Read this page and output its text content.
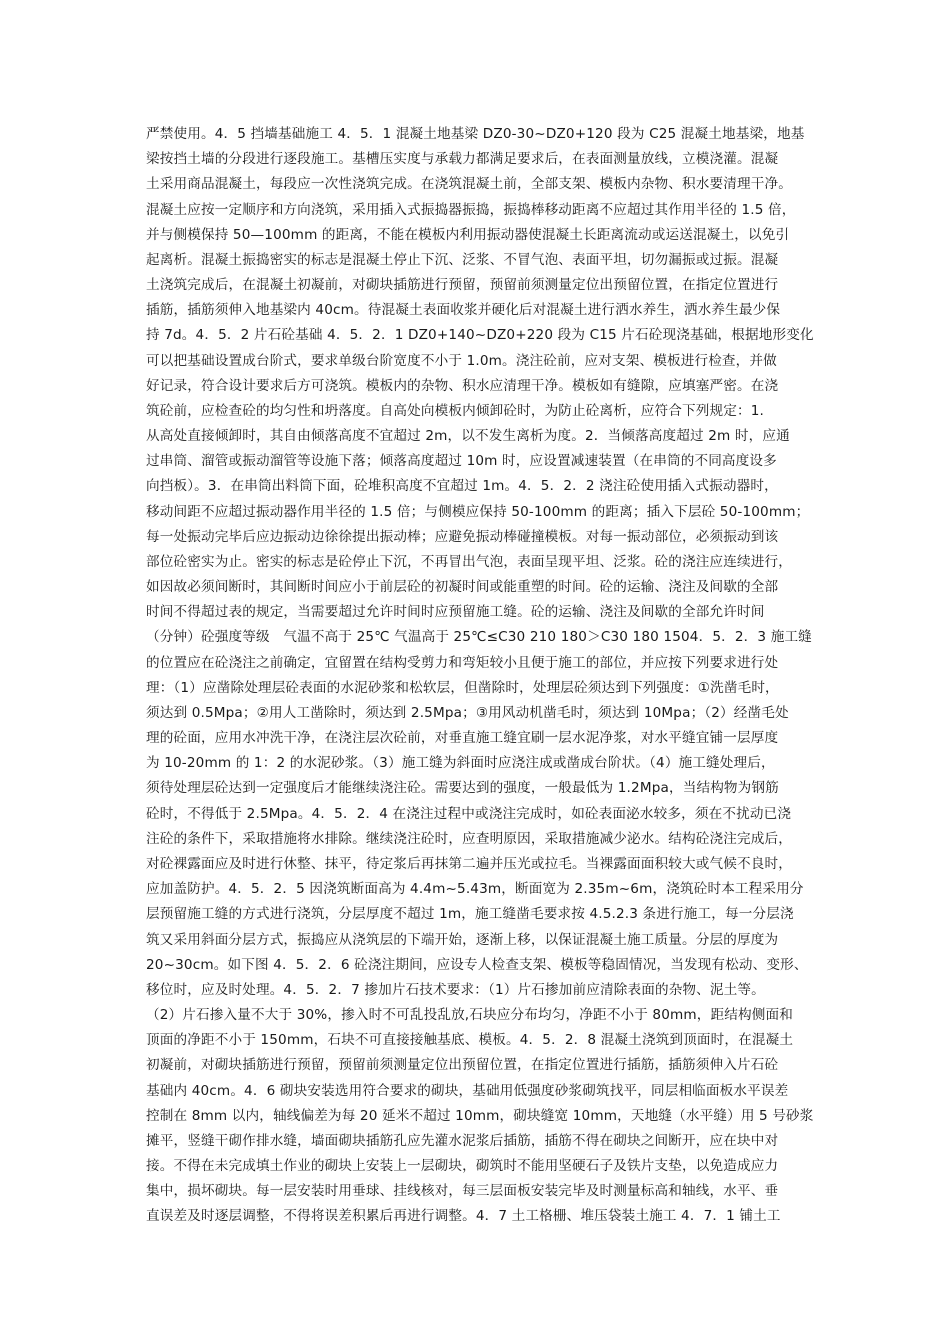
严禁使用。4．5 挡墙基础施工 4．5．1 混凝土地基梁 DZ0-30~DZ0+120 段为 C25 混凝土地基梁，地基
梁按挡土墙的分段进行逐段施工。基槽压实度与承载力都满足要求后，在表面测量放线，立模浇灌。混凝
土采用商品混凝土，每段应一次性浇筑完成。在浇筑混凝土前，全部支架、模板内杂物、积水要清理干净。
混凝土应按一定顺序和方向浇筑，采用插入式振捣器振捣，振捣棒移动距离不应超过其作用半径的 1.5 倍，
并与侧模保持 50—100mm 的距离，不能在模板内利用振动器使混凝土长距离流动或运送混凝土，以免引
起离析。混凝土振捣密实的标志是混凝土停止下沉、泛浆、不冒气泡、表面平坦，切勿漏振或过振。混凝
土浇筑完成后，在混凝土初凝前，对砌块插筋进行预留，预留前须测量定位出预留位置，在指定位置进行
插筋，插筋须伸入地基梁内 40cm。待混凝土表面收浆并硬化后对混凝土进行洒水养生，洒水养生最少保
持 7d。4．5．2 片石砼基础 4．5．2．1 DZ0+140~DZ0+220 段为 C15 片石砼现浇基础，根据地形变化
可以把基础设置成台阶式，要求单级台阶宽度不小于 1.0m。浇注砼前，应对支架、模板进行检查，并做
好记录，符合设计要求后方可浇筑。模板内的杂物、积水应清理干净。模板如有缝隙，应填塞严密。在浇
筑砼前，应检查砼的均匀性和坍落度。自高处向模板内倾卸砼时，为防止砼离析，应符合下列规定：1.
从高处直接倾卸时，其自由倾落高度不宜超过 2m，以不发生离析为度。2．当倾落高度超过 2m 时，应通
过串筒、溜管或振动溜管等设施下落；倾落高度超过 10m 时，应设置减速装置（在串筒的不同高度设多
向挡板）。3．在串筒出料筒下面，砼堆积高度不宜超过 1m。4．5．2．2 浇注砼使用插入式振动器时，
移动间距不应超过振动器作用半径的 1.5 倍；与侧模应保持 50-100mm 的距离；插入下层砼 50-100mm；
每一处振动完毕后应边振动边徐徐提出振动棒；应避免振动棒碰撞模板。对每一振动部位，必须振动到该
部位砼密实为止。密实的标志是砼停止下沉，不再冒出气泡，表面呈现平坦、泛浆。砼的浇注应连续进行，
如因故必须间断时，其间断时间应小于前层砼的初凝时间或能重塑的时间。砼的运输、浇注及间歇的全部
时间不得超过表的规定，当需要超过允许时间时应预留施工缝。砼的运输、浇注及间歇的全部允许时间
（分钟）砼强度等级　气温不高于 25℃ 气温高于 25℃≤C30 210 180＞C30 180 1504．5．2．3 施工缝
的位置应在砼浇注之前确定，宜留置在结构受剪力和弯矩较小且便于施工的部位，并应按下列要求进行处
理：（1）应凿除处理层砼表面的水泥砂浆和松软层，但凿除时，处理层砼须达到下列强度：①洗凿毛时，
须达到 0.5Mpa；②用人工凿除时，须达到 2.5Mpa；③用风动机凿毛时，须达到 10Mpa；（2）经凿毛处
理的砼面，应用水冲洗干净，在浇注层次砼前，对垂直施工缝宜刷一层水泥净浆，对水平缝宜铺一层厚度
为 10-20mm 的 1：2 的水泥砂浆。（3）施工缝为斜面时应浇注成或凿成台阶状。（4）施工缝处理后，
须待处理层砼达到一定强度后才能继续浇注砼。需要达到的强度，一般最低为 1.2Mpa，当结构物为钢筋
砼时，不得低于 2.5Mpa。4．5．2．4 在浇注过程中或浇注完成时，如砼表面泌水较多，须在不扰动已浇
注砼的条件下，采取措施将水排除。继续浇注砼时，应查明原因，采取措施减少泌水。结构砼浇注完成后，
对砼裸露面应及时进行休整、抹平，待定浆后再抹第二遍并压光或拉毛。当裸露面面积较大或气候不良时，
应加盖防护。4．5．2．5 因浇筑断面高为 4.4m~5.43m，断面宽为 2.35m~6m，浇筑砼时本工程采用分
层预留施工缝的方式进行浇筑，分层厚度不超过 1m，施工缝凿毛要求按 4.5.2.3 条进行施工，每一分层浇
筑又采用斜面分层方式，振捣应从浇筑层的下端开始，逐渐上移，以保证混凝土施工质量。分层的厚度为
20~30cm。如下图 4．5．2．6 砼浇注期间，应设专人检查支架、模板等稳固情况，当发现有松动、变形、
移位时，应及时处理。4．5．2．7 掺加片石技术要求：（1）片石掺加前应清除表面的杂物、泥土等。
（2）片石掺入量不大于 30%，掺入时不可乱投乱放,石块应分布均匀，净距不小于 80mm，距结构侧面和
顶面的净距不小于 150mm，石块不可直接接触基底、模板。4．5．2．8 混凝土浇筑到顶面时，在混凝土
初凝前，对砌块插筋进行预留，预留前须测量定位出预留位置，在指定位置进行插筋，插筋须伸入片石砼
基础内 40cm。4．6 砌块安装选用符合要求的砌块，基础用低强度砂浆砌筑找平，同层相临面板水平误差
控制在 8mm 以内，轴线偏差为每 20 延米不超过 10mm，砌块缝宽 10mm，天地缝（水平缝）用 5 号砂浆
摊平，竖缝干砌作排水缝，墙面砌块插筋孔应先灌水泥浆后插筋，插筋不得在砌块之间断开，应在块中对
接。不得在未完成填土作业的砌块上安装上一层砌块，砌筑时不能用坚硬石子及铁片支垫，以免造成应力
集中，损坏砌块。每一层安装时用垂球、挂线核对，每三层面板安装完毕及时测量标高和轴线，水平、垂
直误差及时逐层调整，不得将误差积累后再进行调整。4．7 土工格栅、堆压袋装土施工 4．7．1 铺土工
